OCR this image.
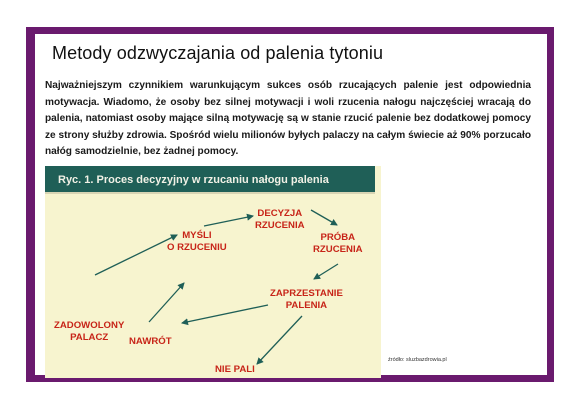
Metody odzwyczajania od palenia tytoniu

Najważniejszym czynnikiem warunkującym sukces osób rzucających palenie jest odpowiednia motywacja. Wiadomo, że osoby bez silnej motywacji i woli rzucenia nałogu najczęściej wracają do palenia, natomiast osoby mające silną motywację są w stanie rzucić palenie bez dodatkowej pomocy ze strony służby zdrowia. Spośród wielu milionów byłych palaczy na całym świecie aż 90% porzucało nałóg samodzielnie, bez żadnej pomocy.

Ryc. 1. Proces decyzyjny w rzucaniu nałogu palenia
MYŚLI
O RZUCENIU
DECYZJA
RZUCENIA
PRÓBA
RZUCENIA
ZAPRZESTANIE
PALENIA
ZADOWOLONY
PALACZ	NAWRÓT
NIE PALI
źródło: sluzbazdrowia.pl
